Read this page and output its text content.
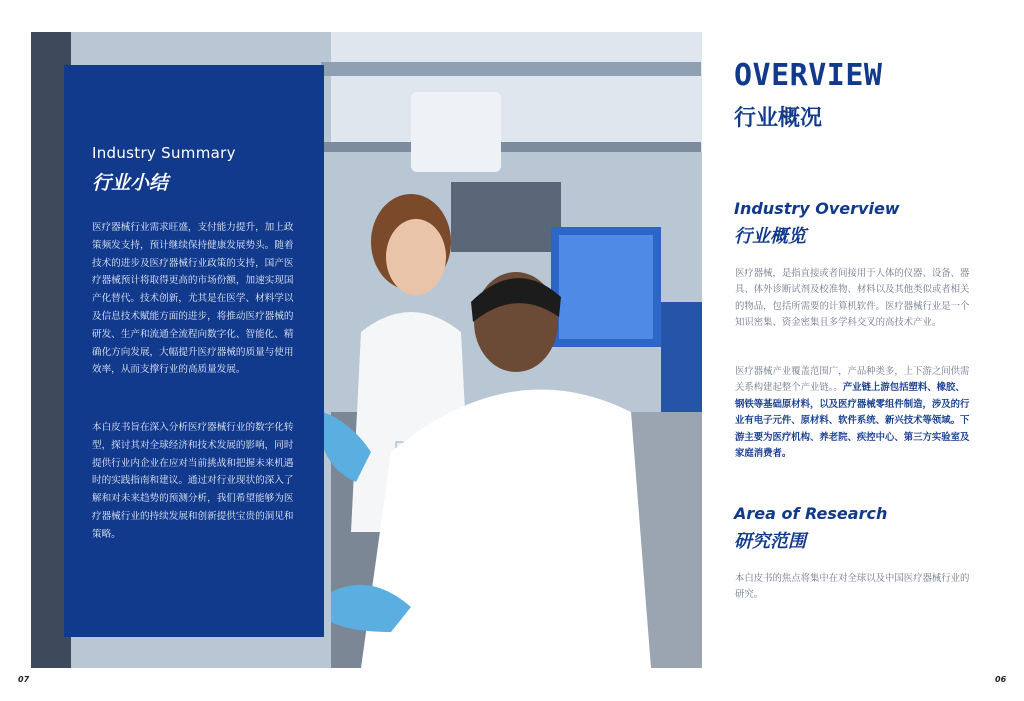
Industry Summary
行业小结

医疗器械行业需求旺盛，支付能力提升，加上政策频发支持，预计继续保持健康发展势头。随着技术的进步及医疗器械行业政策的支持，国产医疗器械预计将取得更高的市场份额，加速实现国产化替代。技术创新，尤其是在医学、材料学以及信息技术赋能方面的进步，将推动医疗器械的研发、生产和流通全流程向数字化、智能化、精确化方向发展，大幅提升医疗器械的质量与使用效率，从而支撑行业的高质量发展。

本白皮书旨在深入分析医疗器械行业的数字化转型，探讨其对全球经济和技术发展的影响，同时提供行业内企业在应对当前挑战和把握未来机遇时的实践指南和建议。通过对行业现状的深入了解和对未来趋势的预测分析，我们希望能够为医疗器械行业的持续发展和创新提供宝贵的洞见和策略。

07
OVERVIEW
行业概况
Industry Overview
行业概览

医疗器械，是指直接或者间接用于人体的仪器、设备、器具、体外诊断试剂及校准物、材料以及其他类似或者相关的物品，包括所需要的计算机软件。医疗器械行业是一个知识密集、资金密集且多学科交叉的高技术产业。

医疗器械产业覆盖范围广，产品种类多，上下游之间供需关系构建起整个产业链。。产业链上游包括塑料、橡胶、钢铁等基础原材料，以及医疗器械零组件制造，涉及的行业有电子元件、原材料、软件系统、新兴技术等领域。下游主要为医疗机构、养老院、疾控中心、第三方实验室及家庭消费者。

Area of Research
研究范围

本白皮书的焦点将集中在对全球以及中国医疗器械行业的研究。

06
